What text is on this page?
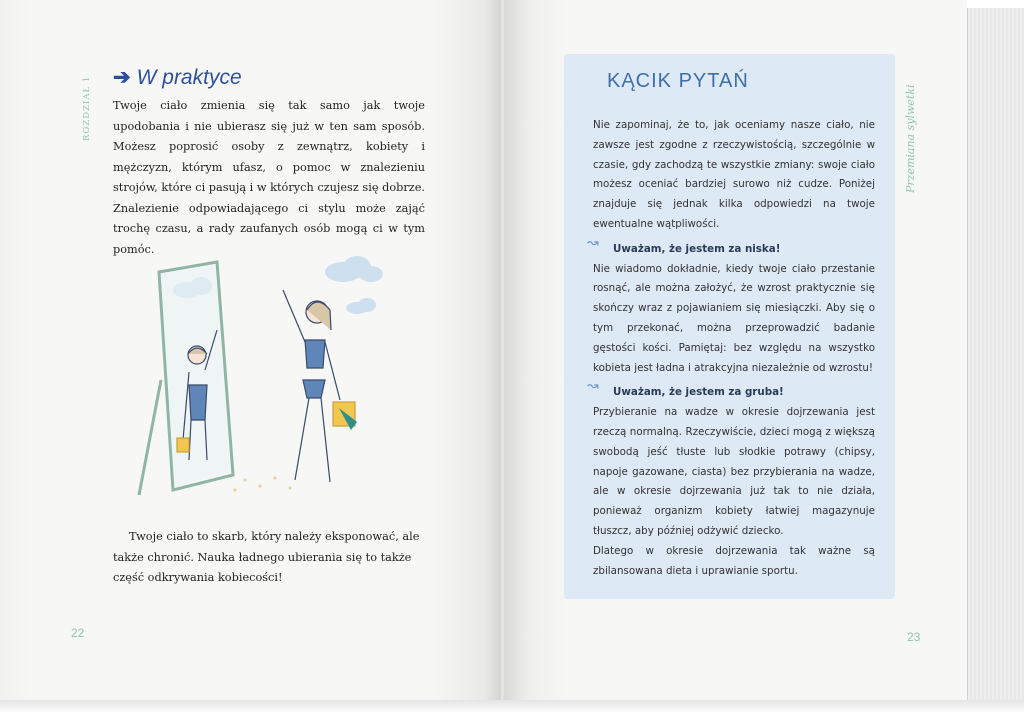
ROZDZIAŁ 1 ➔ W praktyce

Twoje ciało zmienia się tak samo jak twoje upodobania i nie ubierasz się już w ten sam sposób. Możesz poprosić osoby z zewnątrz, kobiety i mężczyzn, którym ufasz, o pomoc w znalezieniu strojów, które ci pasują i w których czujesz się dobrze. Znalezienie odpowiadającego ci stylu może zająć trochę czasu, a rady zaufanych osób mogą ci w tym pomóc.

Twoje ciało to skarb, który należy eksponować, ale także chronić. Nauka ładnego ubierania się to także część odkrywania kobiecości!

22
KĄCIK PYTAŃ

Nie zapominaj, że to, jak oceniamy nasze ciało, nie zawsze jest zgodne z rzeczywistością, szczególnie w czasie, gdy zachodzą te wszystkie zmiany: swoje ciało możesz oceniać bardziej surowo niż cudze. Poniżej znajduje się jednak kilka odpowiedzi na twoje ewentualne wątpliwości.

↝ Uważam, że jestem za niska!

Nie wiadomo dokładnie, kiedy twoje ciało przestanie rosnąć, ale można założyć, że wzrost praktycznie się skończy wraz z pojawianiem się miesiączki. Aby się o tym przekonać, można przeprowadzić badanie gęstości kości. Pamiętaj: bez względu na wszystko kobieta jest ładna i atrakcyjna niezależnie od wzrostu!

↝ Uważam, że jestem za gruba!

Przybieranie na wadze w okresie dojrzewania jest rzeczą normalną. Rzeczywiście, dzieci mogą z większą swobodą jeść tłuste lub słodkie potrawy (chipsy, napoje gazowane, ciasta) bez przybierania na wadze, ale w okresie dojrzewania już tak to nie działa, ponieważ organizm kobiety łatwiej magazynuje tłuszcz, aby później odżywić dziecko.

Dlatego w okresie dojrzewania tak ważne są zbilansowana dieta i uprawianie sportu.

Przemiana sylwetki
23
